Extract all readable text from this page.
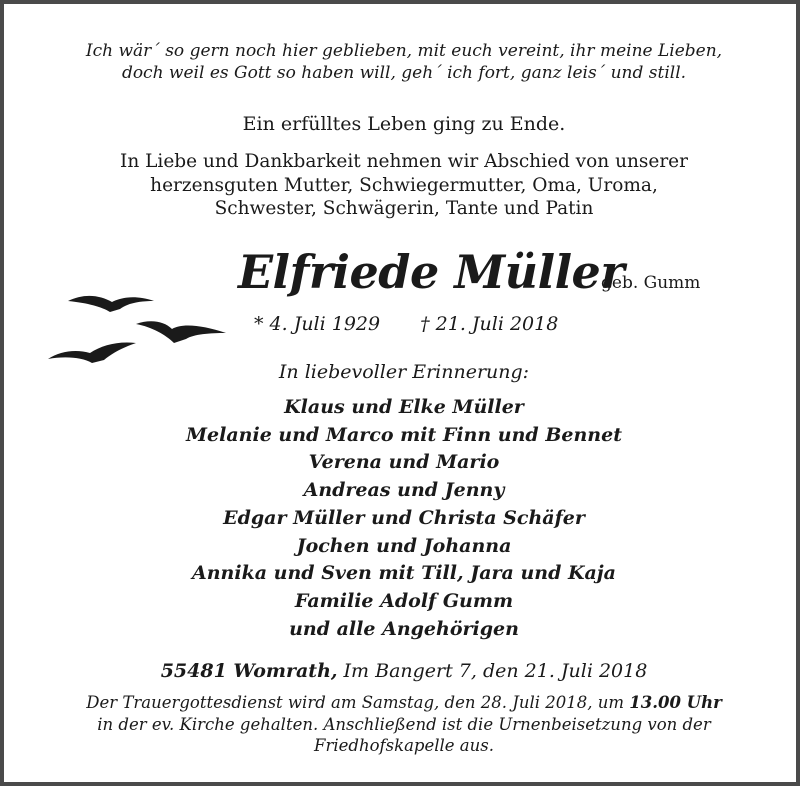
Ich wär´ so gern noch hier geblieben, mit euch vereint, ihr meine Lieben,
doch weil es Gott so haben will, geh´ ich fort, ganz leis´ und still.
Ein erfülltes Leben ging zu Ende.
In Liebe und Dankbarkeit nehmen wir Abschied von unserer
herzensguten Mutter, Schwiegermutter, Oma, Uroma,
Schwester, Schwägerin, Tante und Patin
Elfriede Müller
geb. Gumm
* 4. Juli 1929 † 21. Juli 2018
In liebevoller Erinnerung:
Klaus und Elke Müller
Melanie und Marco mit Finn und Bennet
Verena und Mario
Andreas und Jenny
Edgar Müller und Christa Schäfer
Jochen und Johanna
Annika und Sven mit Till, Jara und Kaja
Familie Adolf Gumm
und alle Angehörigen
55481 Womrath, Im Bangert 7, den 21. Juli 2018
Der Trauergottesdienst wird am Samstag, den 28. Juli 2018, um 13.00 Uhr
in der ev. Kirche gehalten. Anschließend ist die Urnenbeisetzung von der
Friedhofskapelle aus.
